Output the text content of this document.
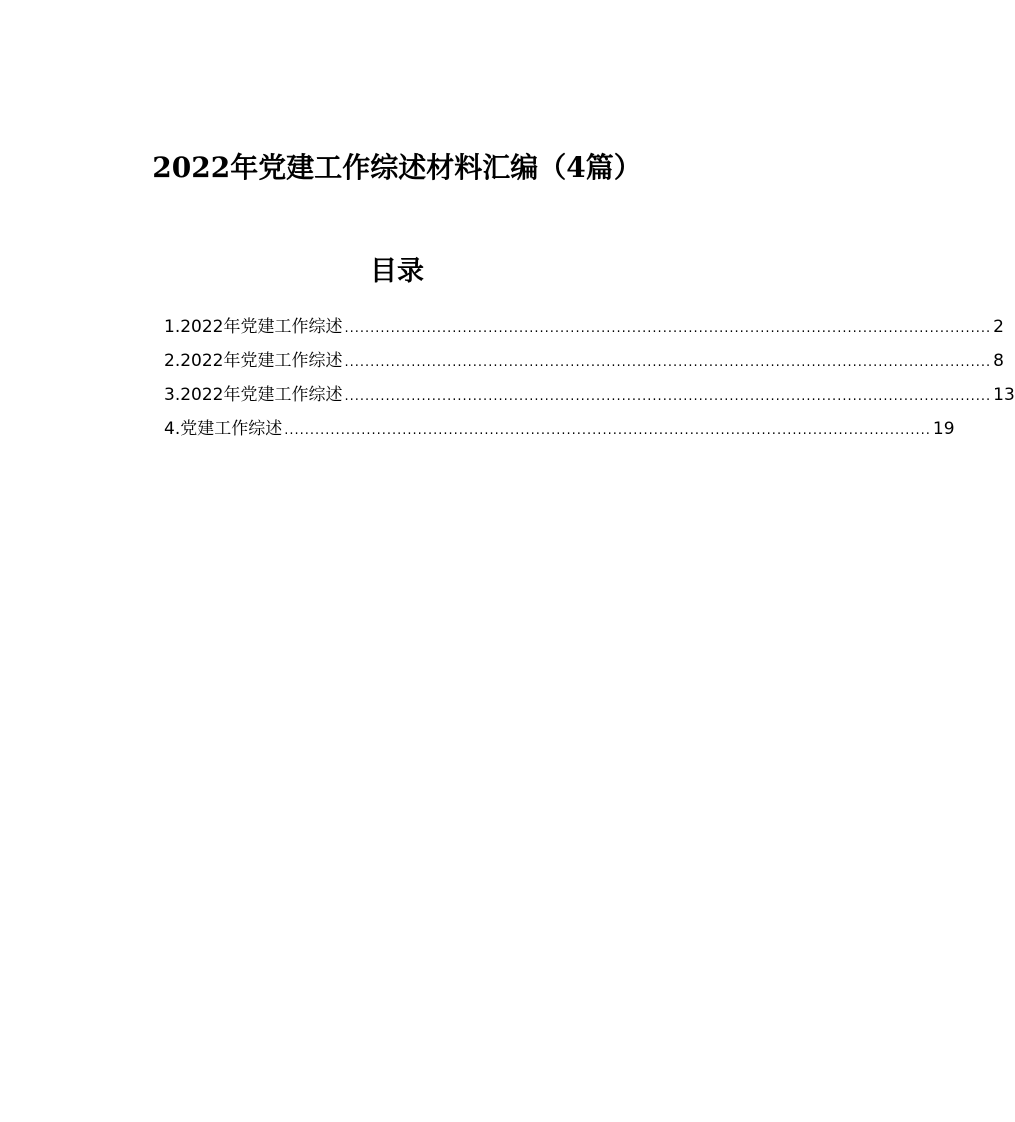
2022年党建工作综述材料汇编（4篇）
目录
1.2022年党建工作综述 .............................................................................................................................. 2
2.2022年党建工作综述 .............................................................................................................................. 8
3.2022年党建工作综述 .............................................................................................................................. 13
4.党建工作综述 .............................................................................................................................. 19
